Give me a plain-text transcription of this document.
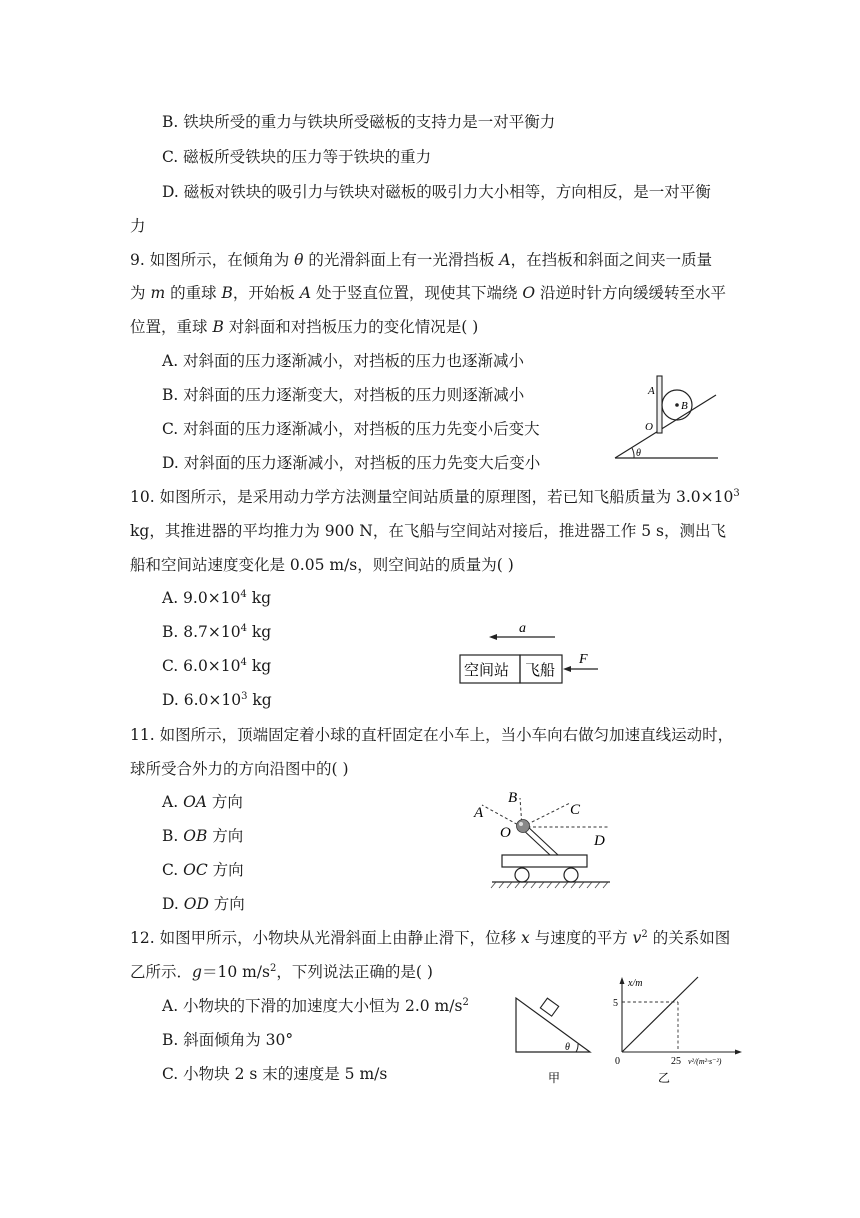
B. 铁块所受的重力与铁块所受磁板的支持力是一对平衡力
C. 磁板所受铁块的压力等于铁块的重力
D. 磁板对铁块的吸引力与铁块对磁板的吸引力大小相等，方向相反，是一对平衡
力
9. 如图所示，在倾角为 θ 的光滑斜面上有一光滑挡板 A，在挡板和斜面之间夹一质量
为 m 的重球 B，开始板 A 处于竖直位置，现使其下端绕 O 沿逆时针方向缓缓转至水平
位置，重球 B 对斜面和对挡板压力的变化情况是( )
A. 对斜面的压力逐渐减小，对挡板的压力也逐渐减小
B. 对斜面的压力逐渐变大，对挡板的压力则逐渐减小
C. 对斜面的压力逐渐减小，对挡板的压力先变小后变大
D. 对斜面的压力逐渐减小，对挡板的压力先变大后变小
A
B
O
θ
10. 如图所示，是采用动力学方法测量空间站质量的原理图，若已知飞船质量为 $3.0\times 10^3$
kg，其推进器的平均推力为 900 N，在飞船与空间站对接后，推进器工作 5 s，测出飞
船和空间站速度变化是 0.05 m/s，则空间站的质量为( )
A. $9.0\times 10^4$ kg
B. $8.7\times 10^4$ kg
C. $6.0\times 10^4$ kg
D. $6.0\times 10^3$ kg
a
空间站 飞船
F
11. 如图所示，顶端固定着小球的直杆固定在小车上，当小车向右做匀加速直线运动时，
球所受合外力的方向沿图中的( )
A. OA 方向
B. OB 方向
C. OC 方向
D. OD 方向
A
B
C
D
O
12. 如图甲所示，小物块从光滑斜面上由静止滑下，位移 x 与速度的平方 $v^2$ 的关系如图
乙所示．g＝10 $m/s^2$，下列说法正确的是( )
A. 小物块的下滑的加速度大小恒为 2.0 $m/s^2$
B. 斜面倾角为 30°
C. 小物块 2 s 末的速度是 5 m/s
θ
甲
x/m
5
0	25 v²/(m²·s⁻²)
乙
